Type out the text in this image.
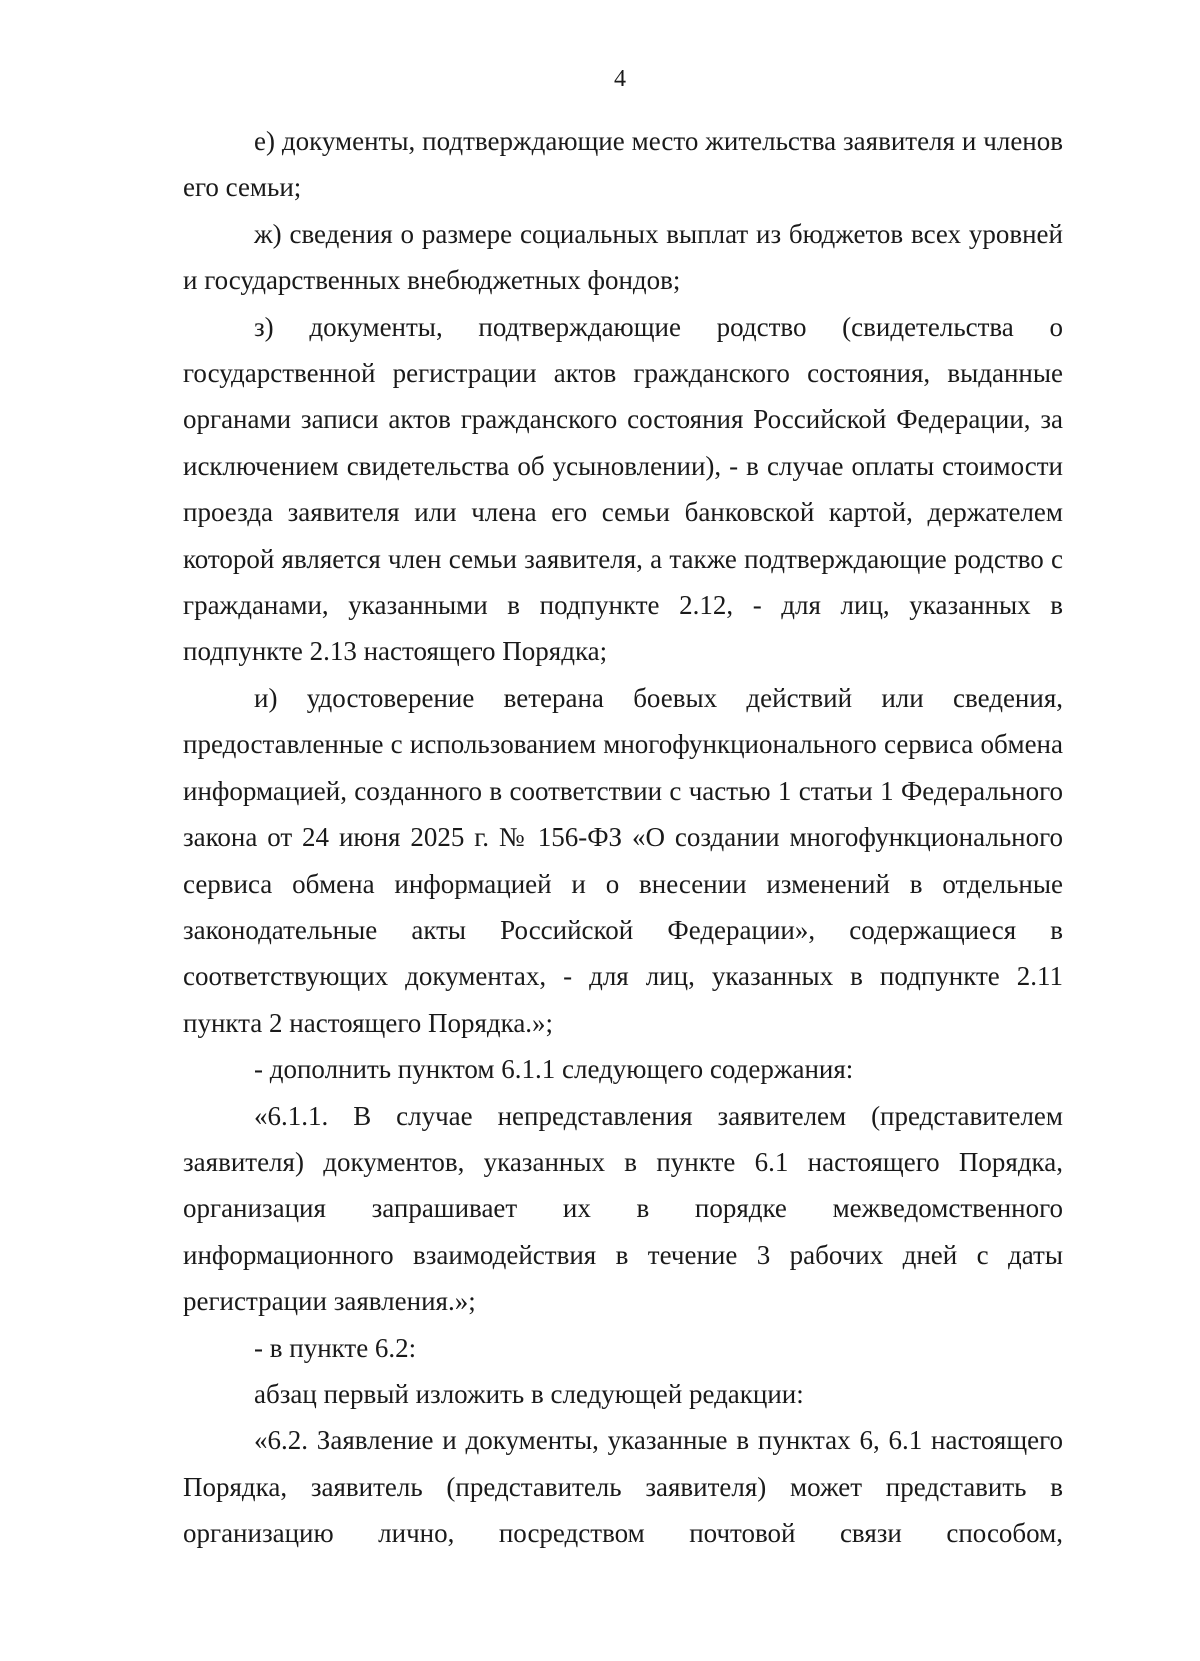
4

е) документы, подтверждающие место жительства заявителя и членов его семьи;

ж) сведения о размере социальных выплат из бюджетов всех уровней и государственных внебюджетных фондов;

з) документы, подтверждающие родство (свидетельства о государственной регистрации актов гражданского состояния, выданные органами записи актов гражданского состояния Российской Федерации, за исключением свидетельства об усыновлении), - в случае оплаты стоимости проезда заявителя или члена его семьи банковской картой, держателем которой является член семьи заявителя, а также подтверждающие родство с гражданами, указанными в подпункте 2.12, - для лиц, указанных в подпункте 2.13 настоящего Порядка;

и) удостоверение ветерана боевых действий или сведения, предоставленные с использованием многофункционального сервиса обмена информацией, созданного в соответствии с частью 1 статьи 1 Федерального закона от 24 июня 2025 г. № 156-ФЗ «О создании многофункционального сервиса обмена информацией и о внесении изменений в отдельные законодательные акты Российской Федерации», содержащиеся в соответствующих документах, - для лиц, указанных в подпункте 2.11 пункта 2 настоящего Порядка.»;

- дополнить пунктом 6.1.1 следующего содержания:

«6.1.1. В случае непредставления заявителем (представителем заявителя) документов, указанных в пункте 6.1 настоящего Порядка, организация запрашивает их в порядке межведомственного информационного взаимодействия в течение 3 рабочих дней с даты регистрации заявления.»;

- в пункте 6.2:

абзац первый изложить в следующей редакции:

«6.2. Заявление и документы, указанные в пунктах 6, 6.1 настоящего Порядка, заявитель (представитель заявителя) может представить в организацию лично, посредством почтовой связи способом,
